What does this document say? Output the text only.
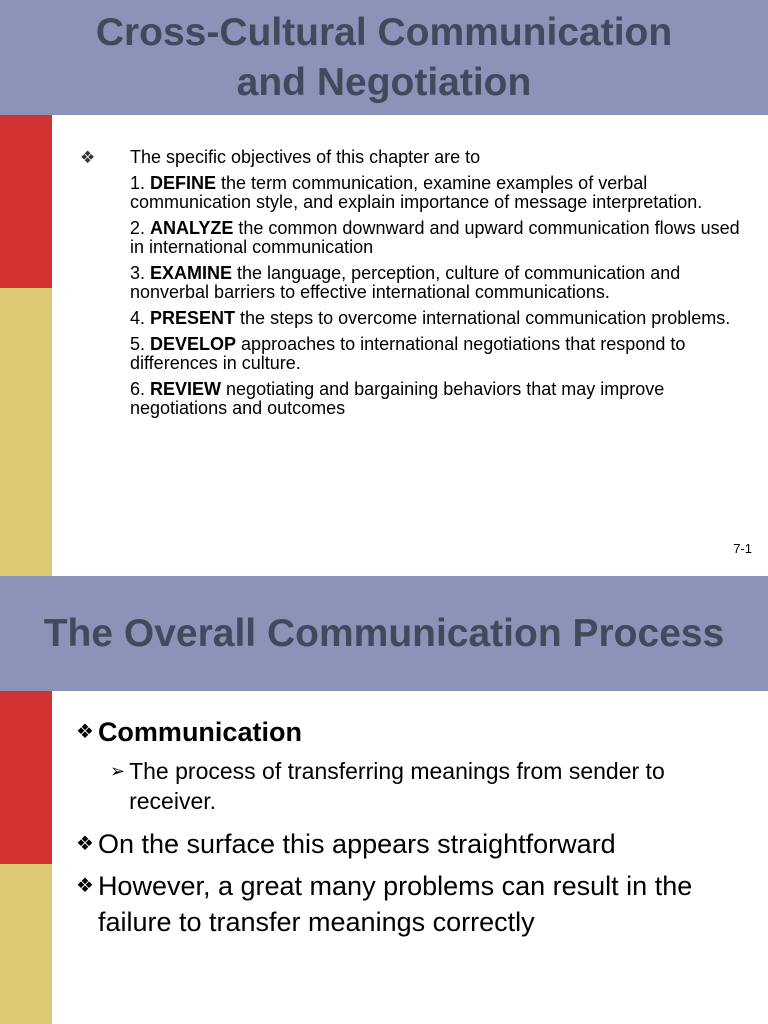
Cross-Cultural Communication
and Negotiation
❖ The specific objectives of this chapter are to

1. DEFINE the term communication, examine examples of verbal communication style, and explain importance of message interpretation.

2. ANALYZE the common downward and upward communication flows used in international communication

3. EXAMINE the language, perception, culture of communication and nonverbal barriers to effective international communications.

4. PRESENT the steps to overcome international communication problems.

5. DEVELOP approaches to international negotiations that respond to differences in culture.

6. REVIEW negotiating and bargaining behaviors that may improve negotiations and outcomes

7-1
The Overall Communication Process
❖ Communication
➢ The process of transferring meanings from sender to receiver.
❖ On the surface this appears straightforward
❖ However, a great many problems can result in the failure to transfer meanings correctly
